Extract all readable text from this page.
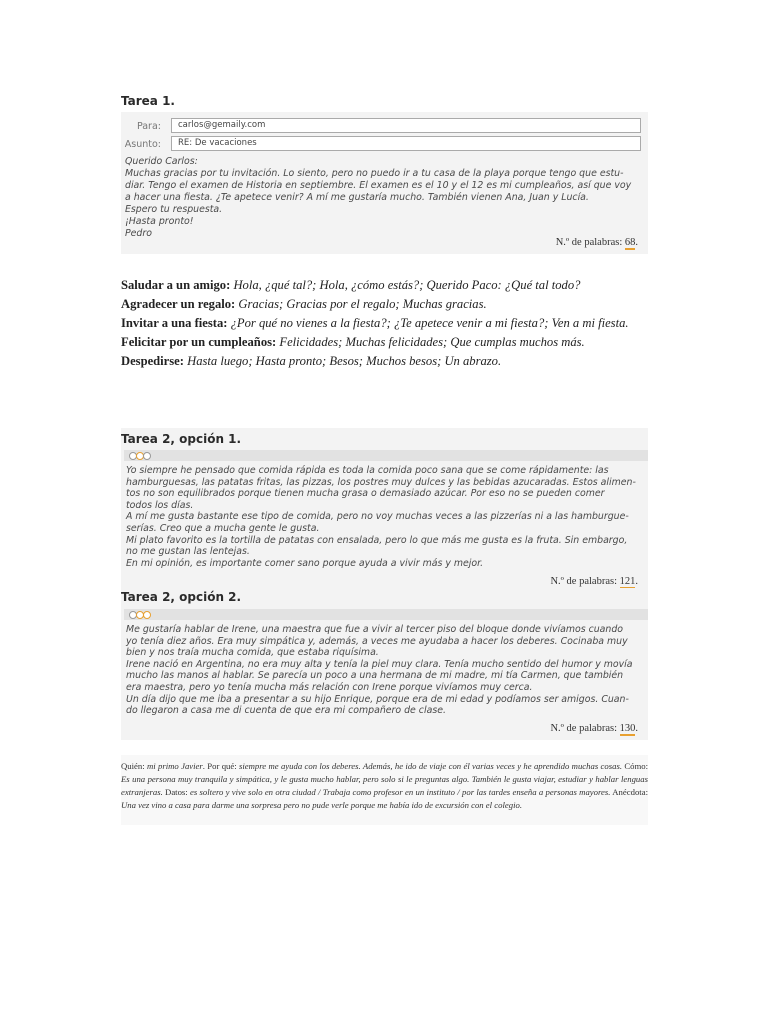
Tarea 1.
Para:	carlos@gemaily.com
Asunto:	RE: De vacaciones

Querido Carlos:

Muchas gracias por tu invitación. Lo siento, pero no puedo ir a tu casa de la playa porque tengo que estu-

diar. Tengo el examen de Historia en septiembre. El examen es el 10 y el 12 es mi cumpleaños, así que voy

a hacer una fiesta. ¿Te apetece venir? A mí me gustaría mucho. También vienen Ana, Juan y Lucía.

Espero tu respuesta.

¡Hasta pronto!

Pedro

N.º de palabras: 68.
Saludar a un amigo: Hola, ¿qué tal?; Hola, ¿cómo estás?; Querido Paco: ¿Qué tal todo?
Agradecer un regalo: Gracias; Gracias por el regalo; Muchas gracias.
Invitar a una fiesta: ¿Por qué no vienes a la fiesta?; ¿Te apetece venir a mi fiesta?; Ven a mi fiesta.
Felicitar por un cumpleaños: Felicidades; Muchas felicidades; Que cumplas muchos más.
Despedirse: Hasta luego; Hasta pronto; Besos; Muchos besos; Un abrazo.
Tarea 2, opción 1.

Yo siempre he pensado que comida rápida es toda la comida poco sana que se come rápidamente: las

hamburguesas, las patatas fritas, las pizzas, los postres muy dulces y las bebidas azucaradas. Estos alimen-

tos no son equilibrados porque tienen mucha grasa o demasiado azúcar. Por eso no se pueden comer

todos los días.

A mí me gusta bastante ese tipo de comida, pero no voy muchas veces a las pizzerías ni a las hamburgue-

serías. Creo que a mucha gente le gusta.

Mi plato favorito es la tortilla de patatas con ensalada, pero lo que más me gusta es la fruta. Sin embargo,

no me gustan las lentejas.

En mi opinión, es importante comer sano porque ayuda a vivir más y mejor.

N.º de palabras: 121.
Tarea 2, opción 2.

Me gustaría hablar de Irene, una maestra que fue a vivir al tercer piso del bloque donde vivíamos cuando

yo tenía diez años. Era muy simpática y, además, a veces me ayudaba a hacer los deberes. Cocinaba muy

bien y nos traía mucha comida, que estaba riquísima.

Irene nació en Argentina, no era muy alta y tenía la piel muy clara. Tenía mucho sentido del humor y movía

mucho las manos al hablar. Se parecía un poco a una hermana de mi madre, mi tía Carmen, que también

era maestra, pero yo tenía mucha más relación con Irene porque vivíamos muy cerca.

Un día dijo que me iba a presentar a su hijo Enrique, porque era de mi edad y podíamos ser amigos. Cuan-

do llegaron a casa me di cuenta de que era mi compañero de clase.

N.º de palabras: 130.
Quién: mi primo Javier. Por qué: siempre me ayuda con los deberes. Además, he ido de viaje con él varias veces y he aprendido muchas cosas. Cómo: Es una persona muy tranquila y simpática, y le gusta mucho hablar, pero solo si le preguntas algo. También le gusta viajar, estudiar y hablar lenguas extranjeras. Datos: es soltero y vive solo en otra ciudad / Trabaja como profesor en un instituto / por las tardes enseña a personas mayores. Anécdota: Una vez vino a casa para darme una sorpresa pero no pude verle porque me había ido de excursión con el colegio.
